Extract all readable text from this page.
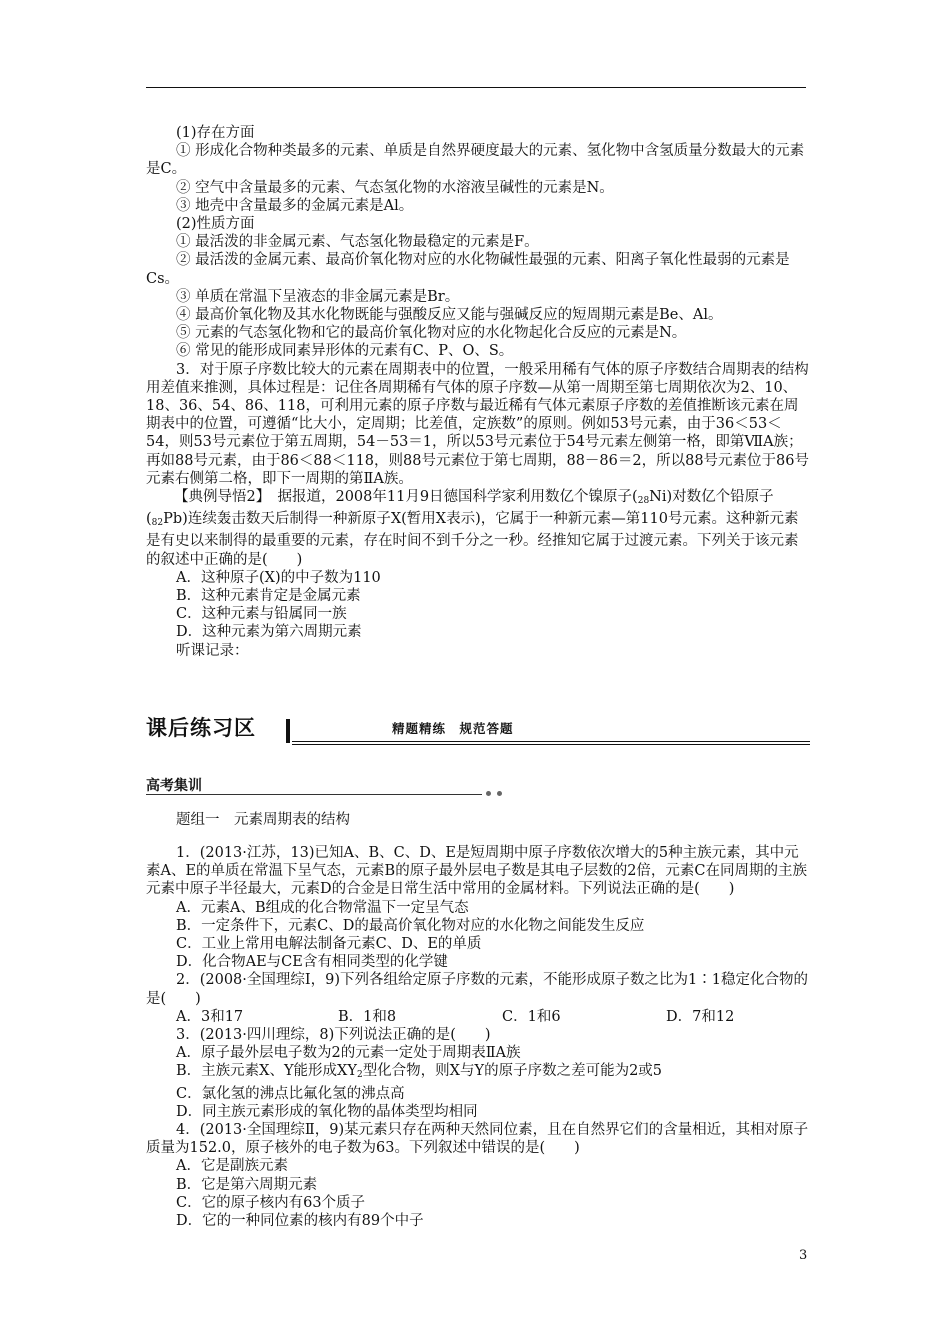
(1)存在方面

① 形成化合物种类最多的元素、单质是自然界硬度最大的元素、氢化物中含氢质量分数最大的元素是C。

② 空气中含量最多的元素、气态氢化物的水溶液呈碱性的元素是N。

③ 地壳中含量最多的金属元素是Al。

(2)性质方面

① 最活泼的非金属元素、气态氢化物最稳定的元素是F。

② 最活泼的金属元素、最高价氧化物对应的水化物碱性最强的元素、阳离子氧化性最弱的元素是Cs。

③ 单质在常温下呈液态的非金属元素是Br。

④ 最高价氧化物及其水化物既能与强酸反应又能与强碱反应的短周期元素是Be、Al。

⑤ 元素的气态氢化物和它的最高价氧化物对应的水化物起化合反应的元素是N。

⑥ 常见的能形成同素异形体的元素有C、P、O、S。

3．对于原子序数比较大的元素在周期表中的位置，一般采用稀有气体的原子序数结合周期表的结构用差值来推测，具体过程是：记住各周期稀有气体的原子序数—从第一周期至第七周期依次为2、10、18、36、54、86、118，可利用元素的原子序数与最近稀有气体元素原子序数的差值推断该元素在周期表中的位置，可遵循“比大小，定周期；比差值，定族数”的原则。例如53号元素，由于36＜53＜54，则53号元素位于第五周期，54－53＝1，所以53号元素位于54号元素左侧第一格，即第ⅦA族；再如88号元素，由于86＜88＜118，则88号元素位于第七周期，88－86＝2，所以88号元素位于86号元素右侧第二格，即下一周期的第ⅡA族。

【典例导悟2】　 据报道，2008年11月9日德国科学家利用数亿个镍原子(28Ni)对数亿个铅原子(82Pb)连续轰击数天后制得一种新原子X(暂用X表示)，它属于一种新元素—第110号元素。这种新元素是有史以来制得的最重要的元素，存在时间不到千分之一秒。经推知它属于过渡元素。下列关于该元素的叙述中正确的是(　　)

A．这种原子(X)的中子数为110

B．这种元素肯定是金属元素

C．这种元素与铅属同一族

D．这种元素为第六周期元素

听课记录：

课后练习区	精题精练　规范答题
高考集训
题组一　元素周期表的结构

1．(2013·江苏，13)已知A、B、C、D、E是短周期中原子序数依次增大的5种主族元素，其中元素A、E的单质在常温下呈气态，元素B的原子最外层电子数是其电子层数的2倍，元素C在同周期的主族元素中原子半径最大，元素D的合金是日常生活中常用的金属材料。下列说法正确的是(　　)

A．元素A、B组成的化合物常温下一定呈气态

B．一定条件下，元素C、D的最高价氧化物对应的水化物之间能发生反应

C．工业上常用电解法制备元素C、D、E的单质

D．化合物AE与CE含有相同类型的化学键

2．(2008·全国理综Ⅰ，9)下列各组给定原子序数的元素，不能形成原子数之比为1∶1稳定化合物的是(　　)

A．3和17	B．1和8	C．1和6	D．7和12

3．(2013·四川理综，8)下列说法正确的是(　　)

A．原子最外层电子数为2的元素一定处于周期表ⅡA族

B．主族元素X、Y能形成$XY_2$型化合物，则X与Y的原子序数之差可能为2或5

C．氯化氢的沸点比氟化氢的沸点高

D．同主族元素形成的氧化物的晶体类型均相同

4．(2013·全国理综Ⅱ，9)某元素只存在两种天然同位素，且在自然界它们的含量相近，其相对原子质量为152.0，原子核外的电子数为63。下列叙述中错误的是(　　)

A．它是副族元素

B．它是第六周期元素

C．它的原子核内有63个质子

D．它的一种同位素的核内有89个中子

3
